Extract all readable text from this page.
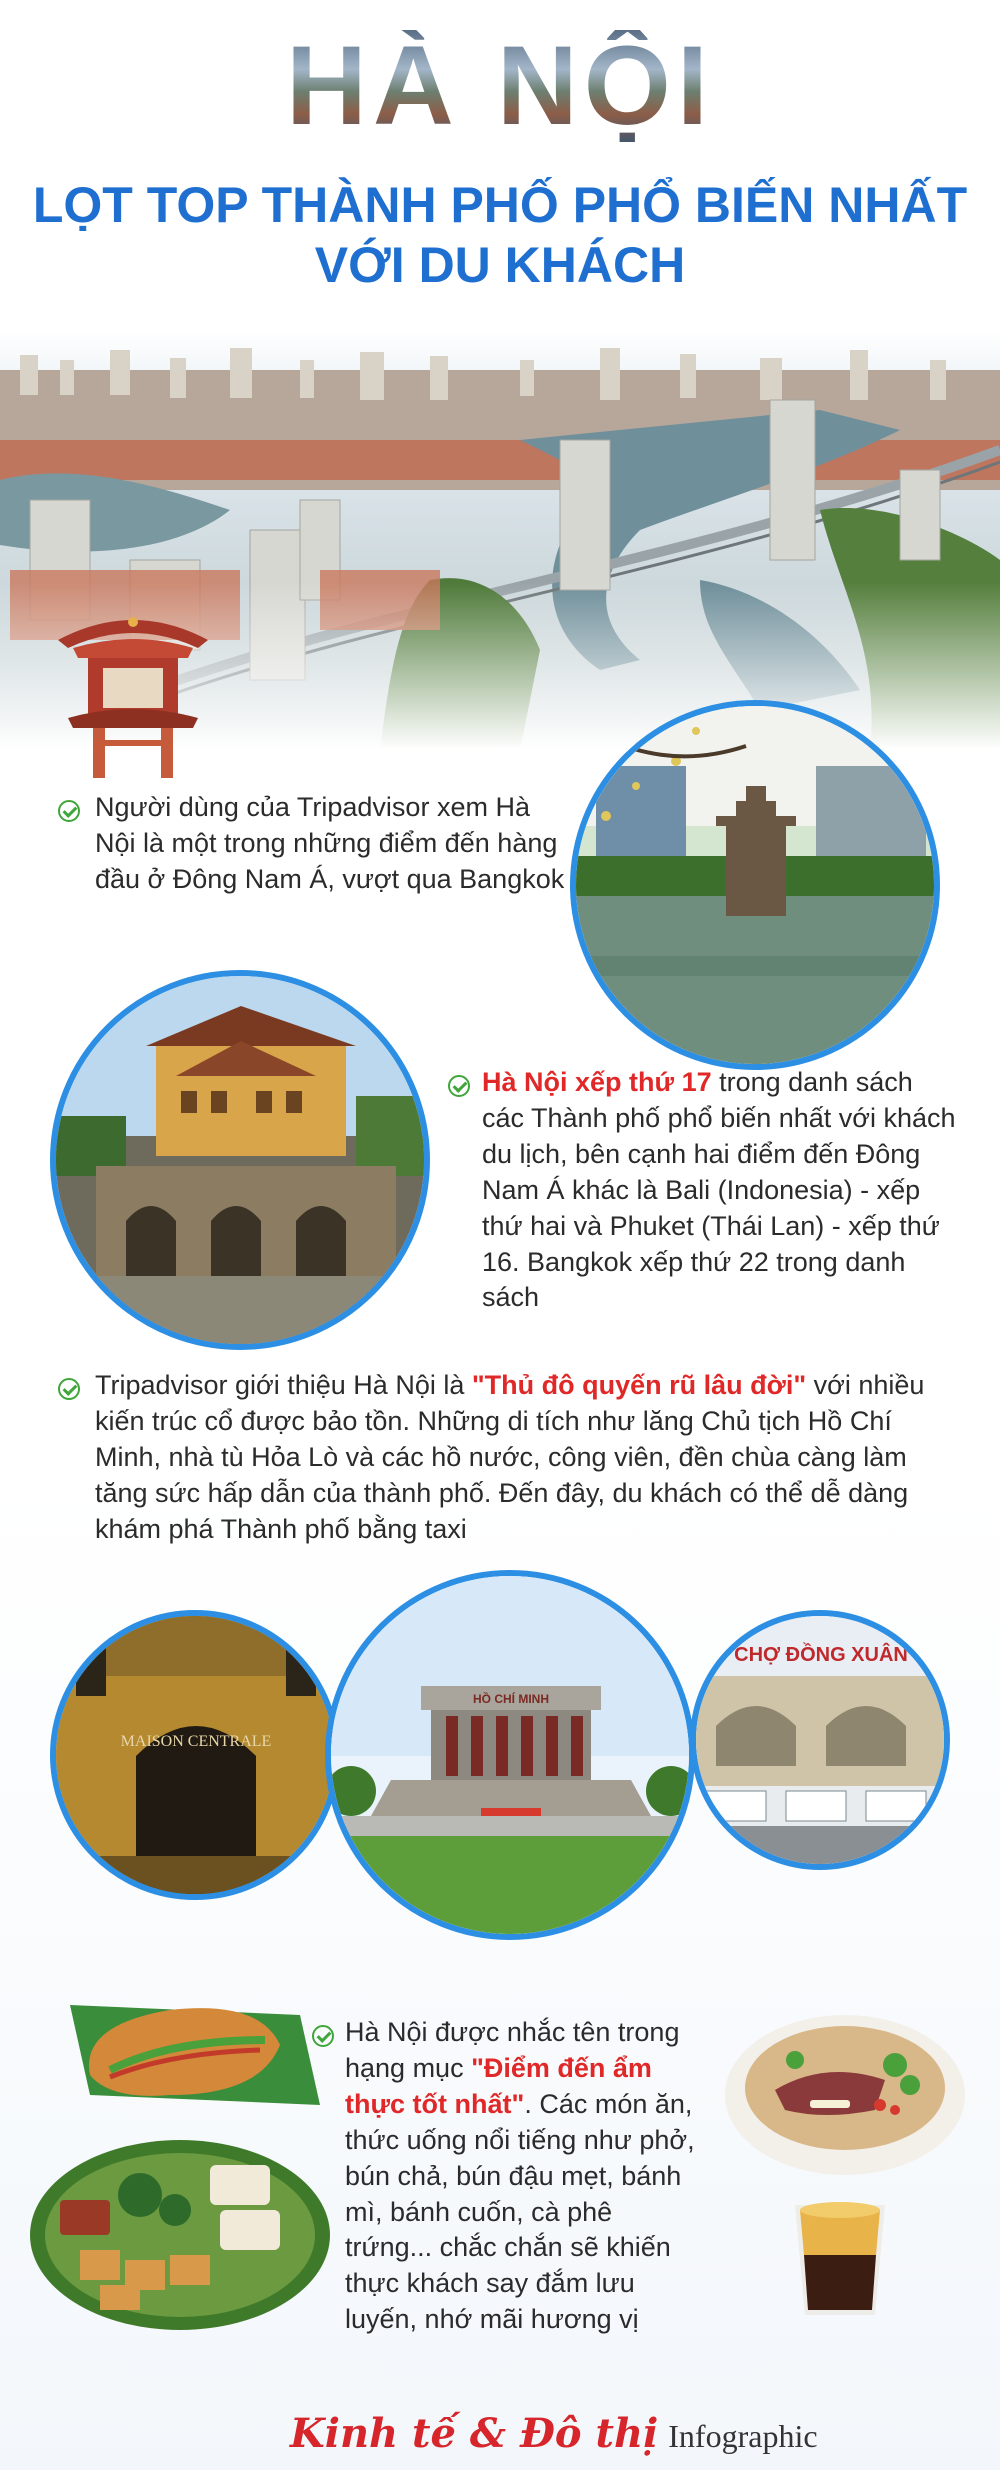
HÀ NỘI
LỌT TOP THÀNH PHỐ PHỔ BIẾN NHẤT
VỚI DU KHÁCH
Người dùng của Tripadvisor xem Hà Nội là một trong những điểm đến hàng đầu ở Đông Nam Á, vượt qua Bangkok
Hà Nội xếp thứ 17 trong danh sách các Thành phố phổ biến nhất với khách du lịch, bên cạnh hai điểm đến Đông Nam Á khác là Bali (Indonesia) - xếp thứ hai và Phuket (Thái Lan) - xếp thứ 16. Bangkok xếp thứ 22 trong danh sách
Tripadvisor giới thiệu Hà Nội là "Thủ đô quyến rũ lâu đời" với nhiều kiến trúc cổ được bảo tồn. Những di tích như lăng Chủ tịch Hồ Chí Minh, nhà tù Hỏa Lò và các hồ nước, công viên, đền chùa càng làm tăng sức hấp dẫn của thành phố. Đến đây, du khách có thể dễ dàng khám phá Thành phố bằng taxi
MAISON CENTRALE
HỒ CHÍ MINH
CHỢ ĐỒNG XUÂN
Hà Nội được nhắc tên trong hạng mục "Điểm đến ẩm thực tốt nhất". Các món ăn, thức uống nổi tiếng như phở, bún chả, bún đậu mẹt, bánh mì, bánh cuốn, cà phê trứng... chắc chắn sẽ khiến thực khách say đắm lưu luyến, nhớ mãi hương vị
Kinh tế & Đô thị Infographic
